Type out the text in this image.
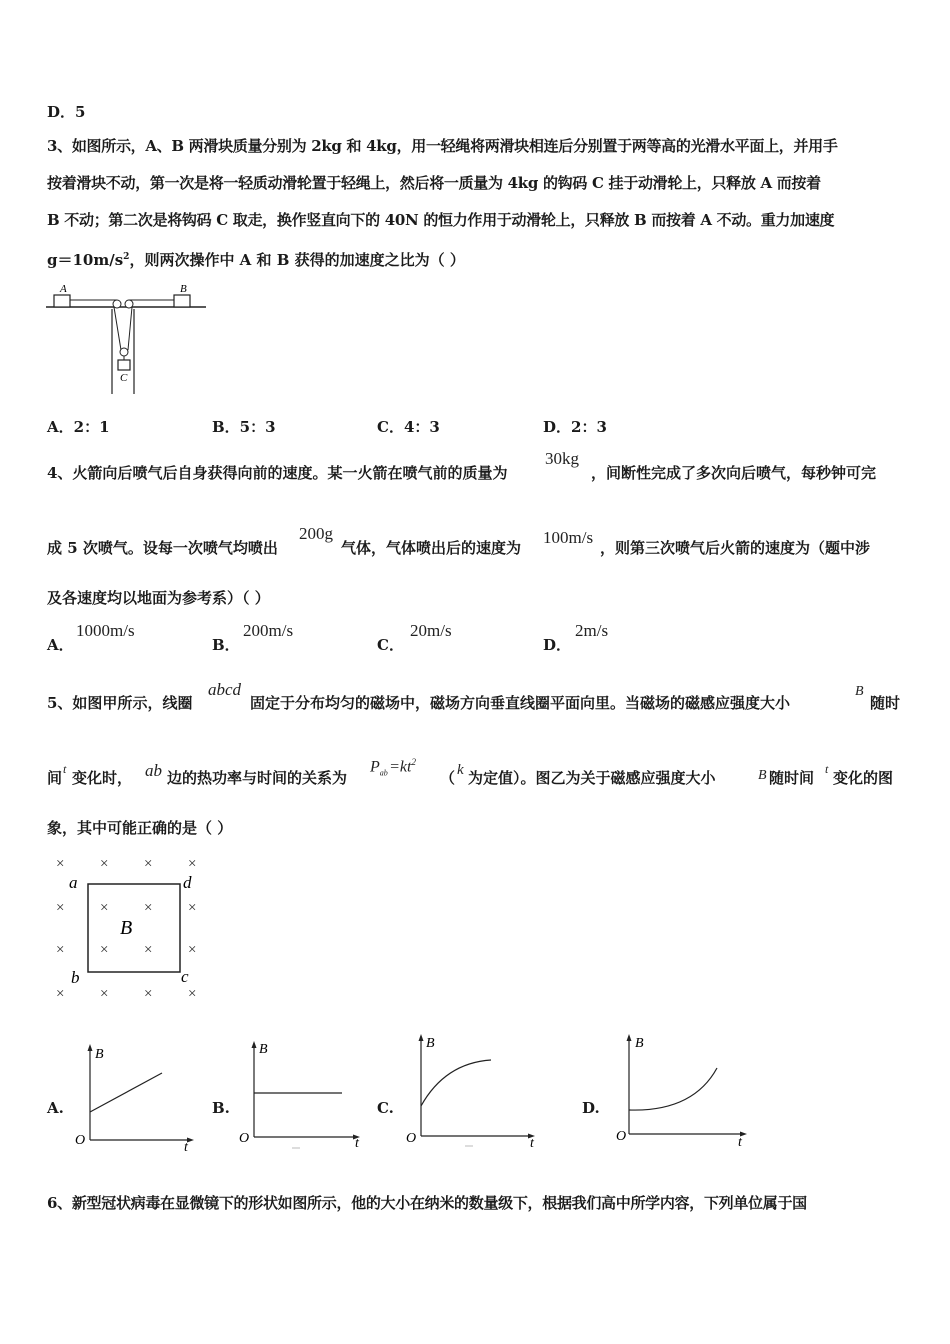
D．5
3、如图所示，A、B 两滑块质量分别为 2kg 和 4kg，用一轻绳将两滑块相连后分别置于两等高的光滑水平面上，并用手
按着滑块不动，第一次是将一轻质动滑轮置于轻绳上，然后将一质量为 4kg 的钩码 C 挂于动滑轮上，只释放 A 而按着
B 不动；第二次是将钩码 C 取走，换作竖直向下的 40N 的恒力作用于动滑轮上，只释放 B 而按着 A 不动。重力加速度
$g=10m/s^2$，则两次操作中 A 和 B 获得的加速度之比为（ ）
A	B
C
A．2：1	B．5：3	C．4：3	D．2：3
4、火箭向后喷气后自身获得向前的速度。某一火箭在喷气前的质量为
30kg
，间断性完成了多次向后喷气，每秒钟可完
成 5 次喷气。设每一次喷气均喷出
200g
气体，气体喷出后的速度为
100m/s
，则第三次喷气后火箭的速度为（题中涉
及各速度均以地面为参考系）（ ）
A．
1000m/s
B．
200m/s
C．
20m/s
D．
2m/s
5、如图甲所示，线圈
abcd
固定于分布均匀的磁场中，磁场方向垂直线圈平面向里。当磁场的磁感应强度大小
B
随时
间 t 变化时， ab 边的热功率与时间的关系为
$P_{ab}$ $=kt^2$
（ k 为定值）。图乙为关于磁感应强度大小	B 随时间 t 变化的图
象，其中可能正确的是（ ）
× × × ×
× × × ×
× × × ×
× × × ×
a	d
b	c
B
A.
B
t
O
B.
B
t
O
C.
B
t
O
D.
B
t
O
6、新型冠状病毒在显微镜下的形状如图所示，他的大小在纳米的数量级下，根据我们高中所学内容，下列单位属于国
